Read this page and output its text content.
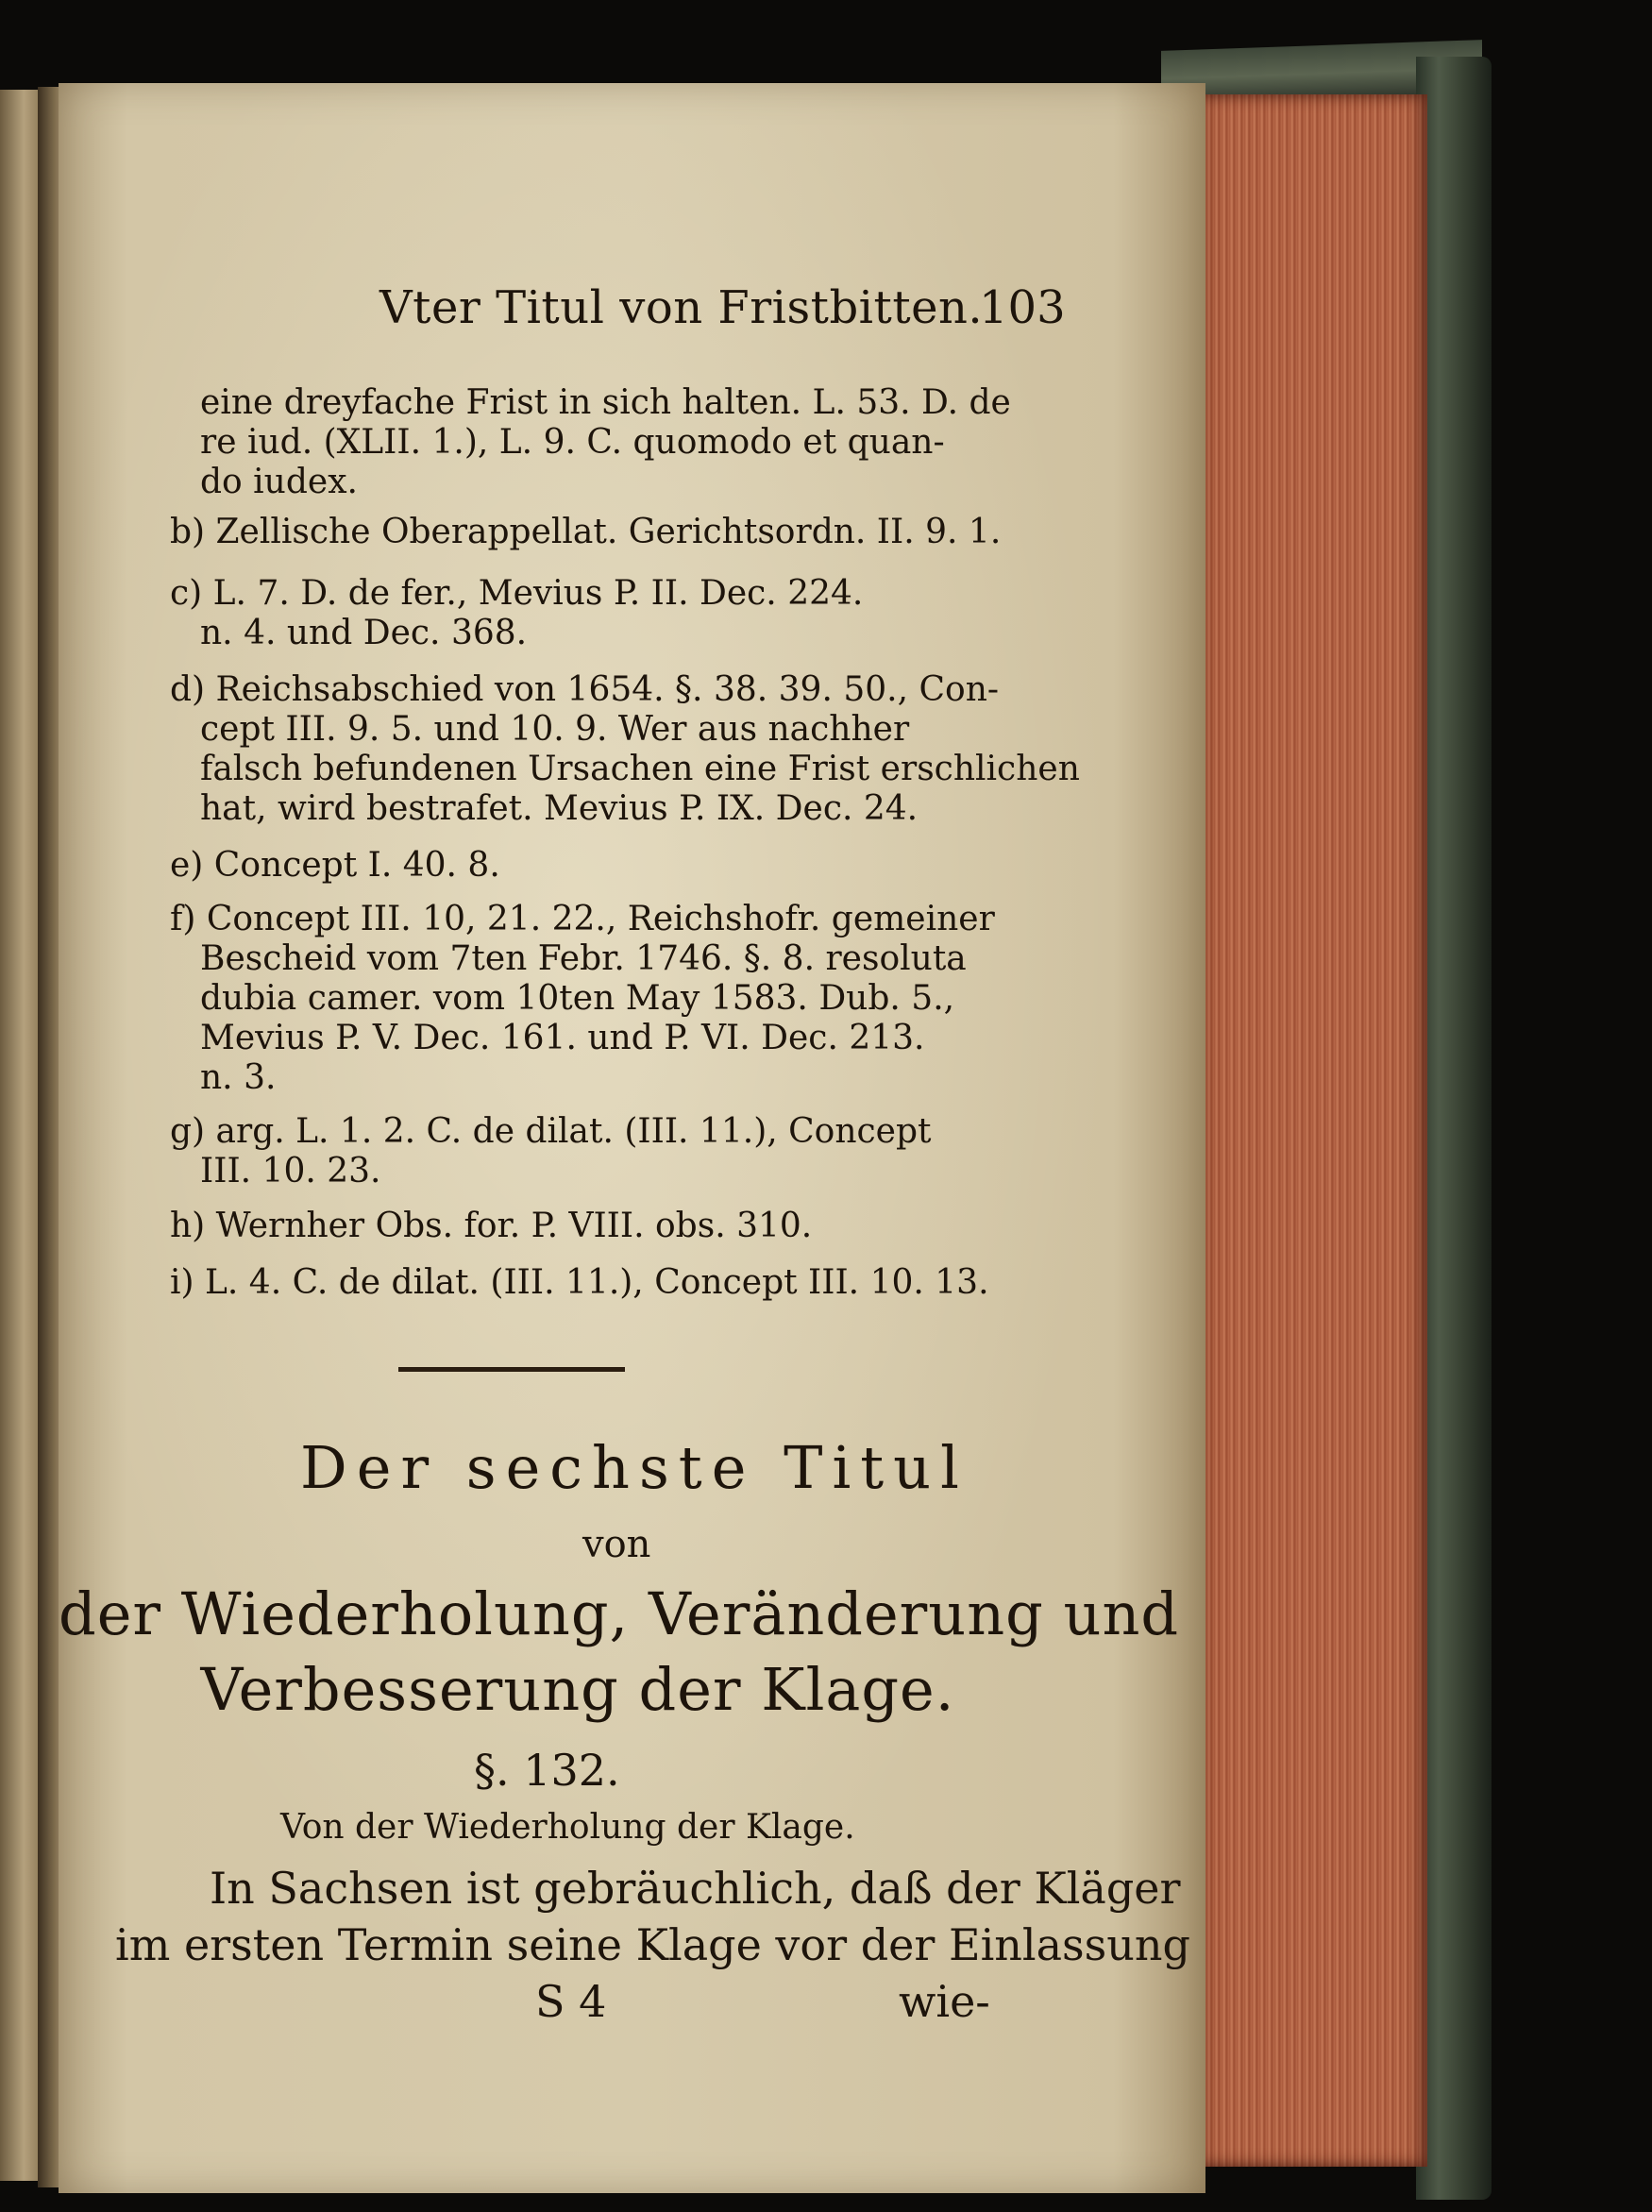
Vter Titul von Fristbitten.
103
eine dreyfache Frist in sich halten. L. 53. D. de
re iud. (XLII. 1.), L. 9. C. quomodo et quan-
do iudex.
b) Zellische Oberappellat. Gerichtsordn. II. 9. 1.
c) L. 7. D. de fer., Mevius P. II. Dec. 224.
n. 4. und Dec. 368.
d) Reichsabschied von 1654. §. 38. 39. 50., Con-
cept III. 9. 5. und 10. 9. Wer aus nachher
falsch befundenen Ursachen eine Frist erschlichen
hat, wird bestrafet. Mevius P. IX. Dec. 24.
e) Concept I. 40. 8.
f) Concept III. 10, 21. 22., Reichshofr. gemeiner
Bescheid vom 7ten Febr. 1746. §. 8. resoluta
dubia camer. vom 10ten May 1583. Dub. 5.,
Mevius P. V. Dec. 161. und P. VI. Dec. 213.
n. 3.
g) arg. L. 1. 2. C. de dilat. (III. 11.), Concept
III. 10. 23.
h) Wernher Obs. for. P. VIII. obs. 310.
i) L. 4. C. de dilat. (III. 11.), Concept III. 10. 13.
Der sechste Titul
von
der Wiederholung, Veränderung und
Verbesserung der Klage.
§. 132.
Von der Wiederholung der Klage.
In Sachsen ist gebräuchlich, daß der Kläger
im ersten Termin seine Klage vor der Einlassung
S 4	wie-
